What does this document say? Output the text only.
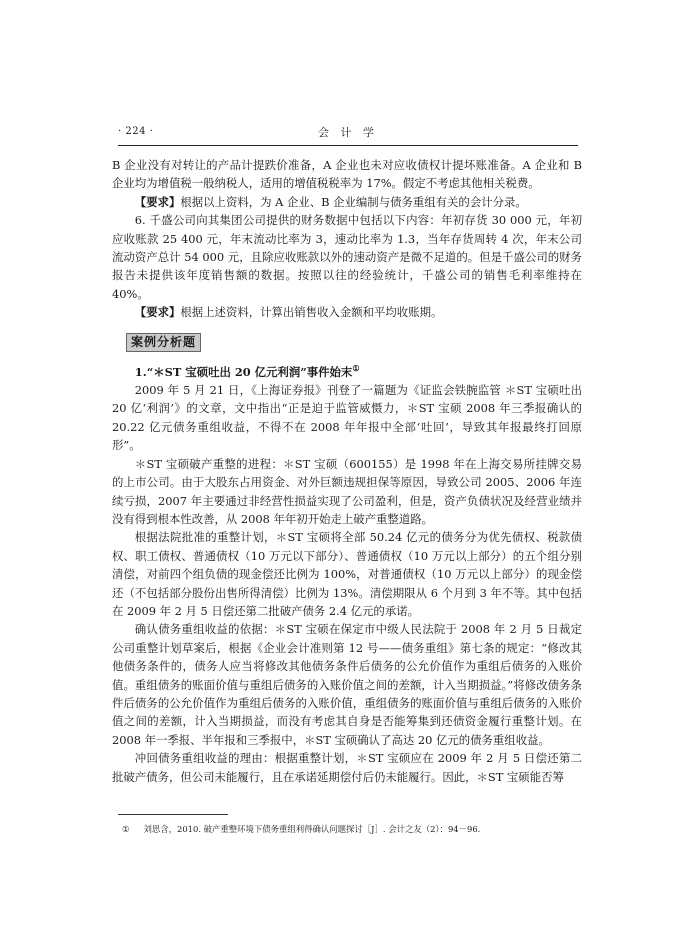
· 224 ·	会 计 学

B 企业没有对转让的产品计提跌价准备，A 企业也未对应收债权计提坏账准备。A 企业和 B 企业均为增值税一般纳税人，适用的增值税税率为 17%。假定不考虑其他相关税费。

【要求】根据以上资料，为 A 企业、B 企业编制与债务重组有关的会计分录。

6. 千盛公司向其集团公司提供的财务数据中包括以下内容：年初存货 30 000 元，年初应收账款 25 400 元，年末流动比率为 3，速动比率为 1.3，当年存货周转 4 次，年末公司流动资产总计 54 000 元，且除应收账款以外的速动资产是微不足道的。但是千盛公司的财务报告未提供该年度销售额的数据。按照以往的经验统计，千盛公司的销售毛利率维持在 40%。

【要求】根据上述资料，计算出销售收入金额和平均收账期。

案例分析题

1.“＊ST 宝硕吐出 20 亿元利润”事件始末①

2009 年 5 月 21 日，《上海证券报》刊登了一篇题为《证监会铁腕监管 ＊ST 宝硕吐出 20 亿‘利润’》的文章，文中指出“正是迫于监管威慑力，＊ST 宝硕 2008 年三季报确认的 20.22 亿元债务重组收益，不得不在 2008 年年报中全部‘吐回’，导致其年报最终打回原形”。

＊ST 宝硕破产重整的进程：＊ST 宝硕（600155）是 1998 年在上海交易所挂牌交易的上市公司。由于大股东占用资金、对外巨额违规担保等原因，导致公司 2005、2006 年连续亏损，2007 年主要通过非经营性损益实现了公司盈利，但是，资产负债状况及经营业绩并没有得到根本性改善，从 2008 年年初开始走上破产重整道路。

根据法院批准的重整计划，＊ST 宝硕将全部 50.24 亿元的债务分为优先债权、税款债权、职工债权、普通债权（10 万元以下部分）、普通债权（10 万元以上部分）的五个组分别清偿，对前四个组负债的现金偿还比例为 100%，对普通债权（10 万元以上部分）的现金偿还（不包括部分股份出售所得清偿）比例为 13%。清偿期限从 6 个月到 3 年不等。其中包括在 2009 年 2 月 5 日偿还第二批破产债务 2.4 亿元的承诺。

确认债务重组收益的依据：＊ST 宝硕在保定市中级人民法院于 2008 年 2 月 5 日裁定公司重整计划草案后，根据《企业会计准则第 12 号——债务重组》第七条的规定：“修改其他债务条件的，债务人应当将修改其他债务条件后债务的公允价值作为重组后债务的入账价值。重组债务的账面价值与重组后债务的入账价值之间的差额，计入当期损益。”将修改债务条件后债务的公允价值作为重组后债务的入账价值，重组债务的账面价值与重组后债务的入账价值之间的差额，计入当期损益，而没有考虑其自身是否能筹集到还债资金履行重整计划。在 2008 年一季报、半年报和三季报中，＊ST 宝硕确认了高达 20 亿元的债务重组收益。

冲回债务重组收益的理由：根据重整计划，＊ST 宝硕应在 2009 年 2 月 5 日偿还第二批破产债务，但公司未能履行，且在承诺延期偿付后仍未能履行。因此，＊ST 宝硕能否筹

① 刘思含，2010. 破产重整环境下债务重组利得确认问题探讨［J］. 会计之友（2）：94－96.
